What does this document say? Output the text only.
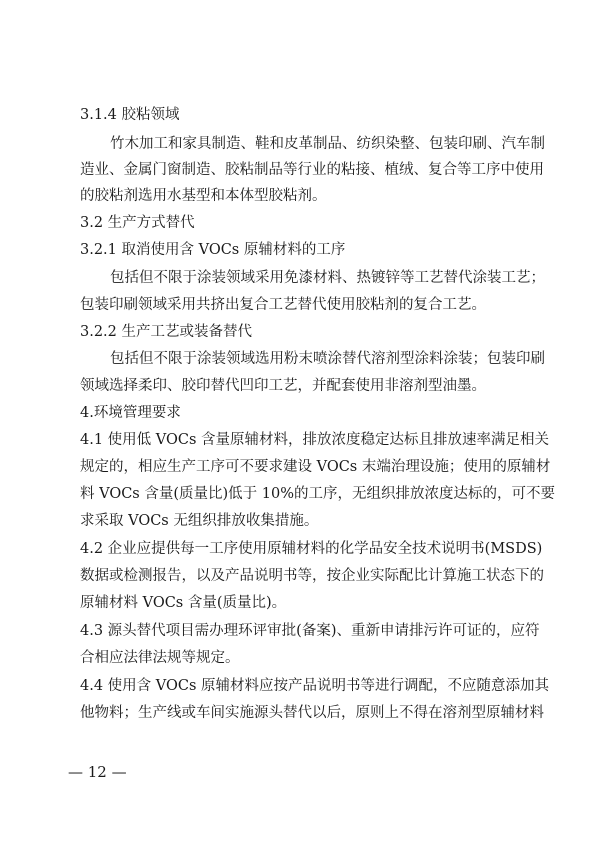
3.1.4 胶粘领域
竹木加工和家具制造、鞋和皮革制品、纺织染整、包装印刷、汽车制
造业、金属门窗制造、胶粘制品等行业的粘接、植绒、复合等工序中使用
的胶粘剂选用水基型和本体型胶粘剂。
3.2 生产方式替代
3.2.1 取消使用含 VOCs 原辅材料的工序
包括但不限于涂装领域采用免漆材料、热镀锌等工艺替代涂装工艺；
包装印刷领域采用共挤出复合工艺替代使用胶粘剂的复合工艺。
3.2.2 生产工艺或装备替代
包括但不限于涂装领域选用粉末喷涂替代溶剂型涂料涂装；包装印刷
领域选择柔印、胶印替代凹印工艺，并配套使用非溶剂型油墨。
4.环境管理要求
4.1 使用低 VOCs 含量原辅材料，排放浓度稳定达标且排放速率满足相关
规定的，相应生产工序可不要求建设 VOCs 末端治理设施；使用的原辅材
料 VOCs 含量(质量比)低于 10%的工序，无组织排放浓度达标的，可不要
求采取 VOCs 无组织排放收集措施。
4.2 企业应提供每一工序使用原辅材料的化学品安全技术说明书(MSDS)
数据或检测报告，以及产品说明书等，按企业实际配比计算施工状态下的
原辅材料 VOCs 含量(质量比)。
4.3 源头替代项目需办理环评审批(备案)、重新申请排污许可证的，应符
合相应法律法规等规定。
4.4 使用含 VOCs 原辅材料应按产品说明书等进行调配，不应随意添加其
他物料；生产线或车间实施源头替代以后，原则上不得在溶剂型原辅材料
— 12 —
